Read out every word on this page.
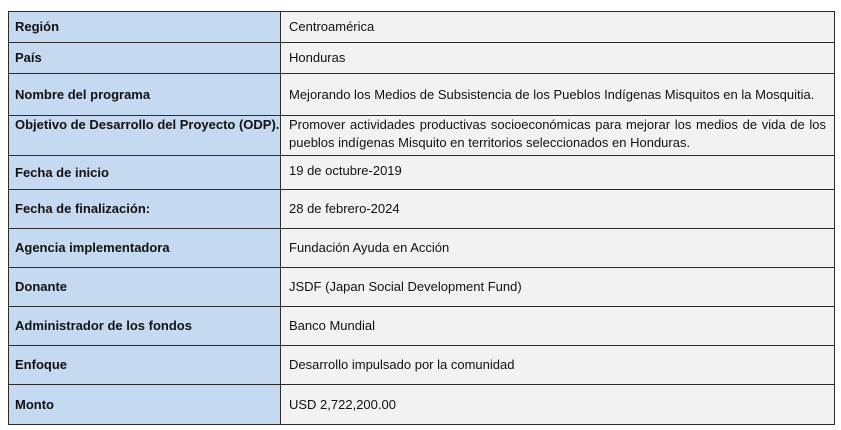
Región	Centroamérica
País	Honduras
Nombre del programa	Mejorando los Medios de Subsistencia de los Pueblos Indígenas Misquitos en la Mosquitia.
Objetivo de Desarrollo del Proyecto (ODP).	Promover actividades productivas socioeconómicas para mejorar los medios de vida de los pueblos indígenas Misquito en territorios seleccionados en Honduras.
Fecha de inicio	19 de octubre-2019
Fecha de finalización:	28 de febrero-2024
Agencia implementadora	Fundación Ayuda en Acción
Donante	JSDF (Japan Social Development Fund)
Administrador de los fondos	Banco Mundial
Enfoque	Desarrollo impulsado por la comunidad
Monto	USD 2,722,200.00
